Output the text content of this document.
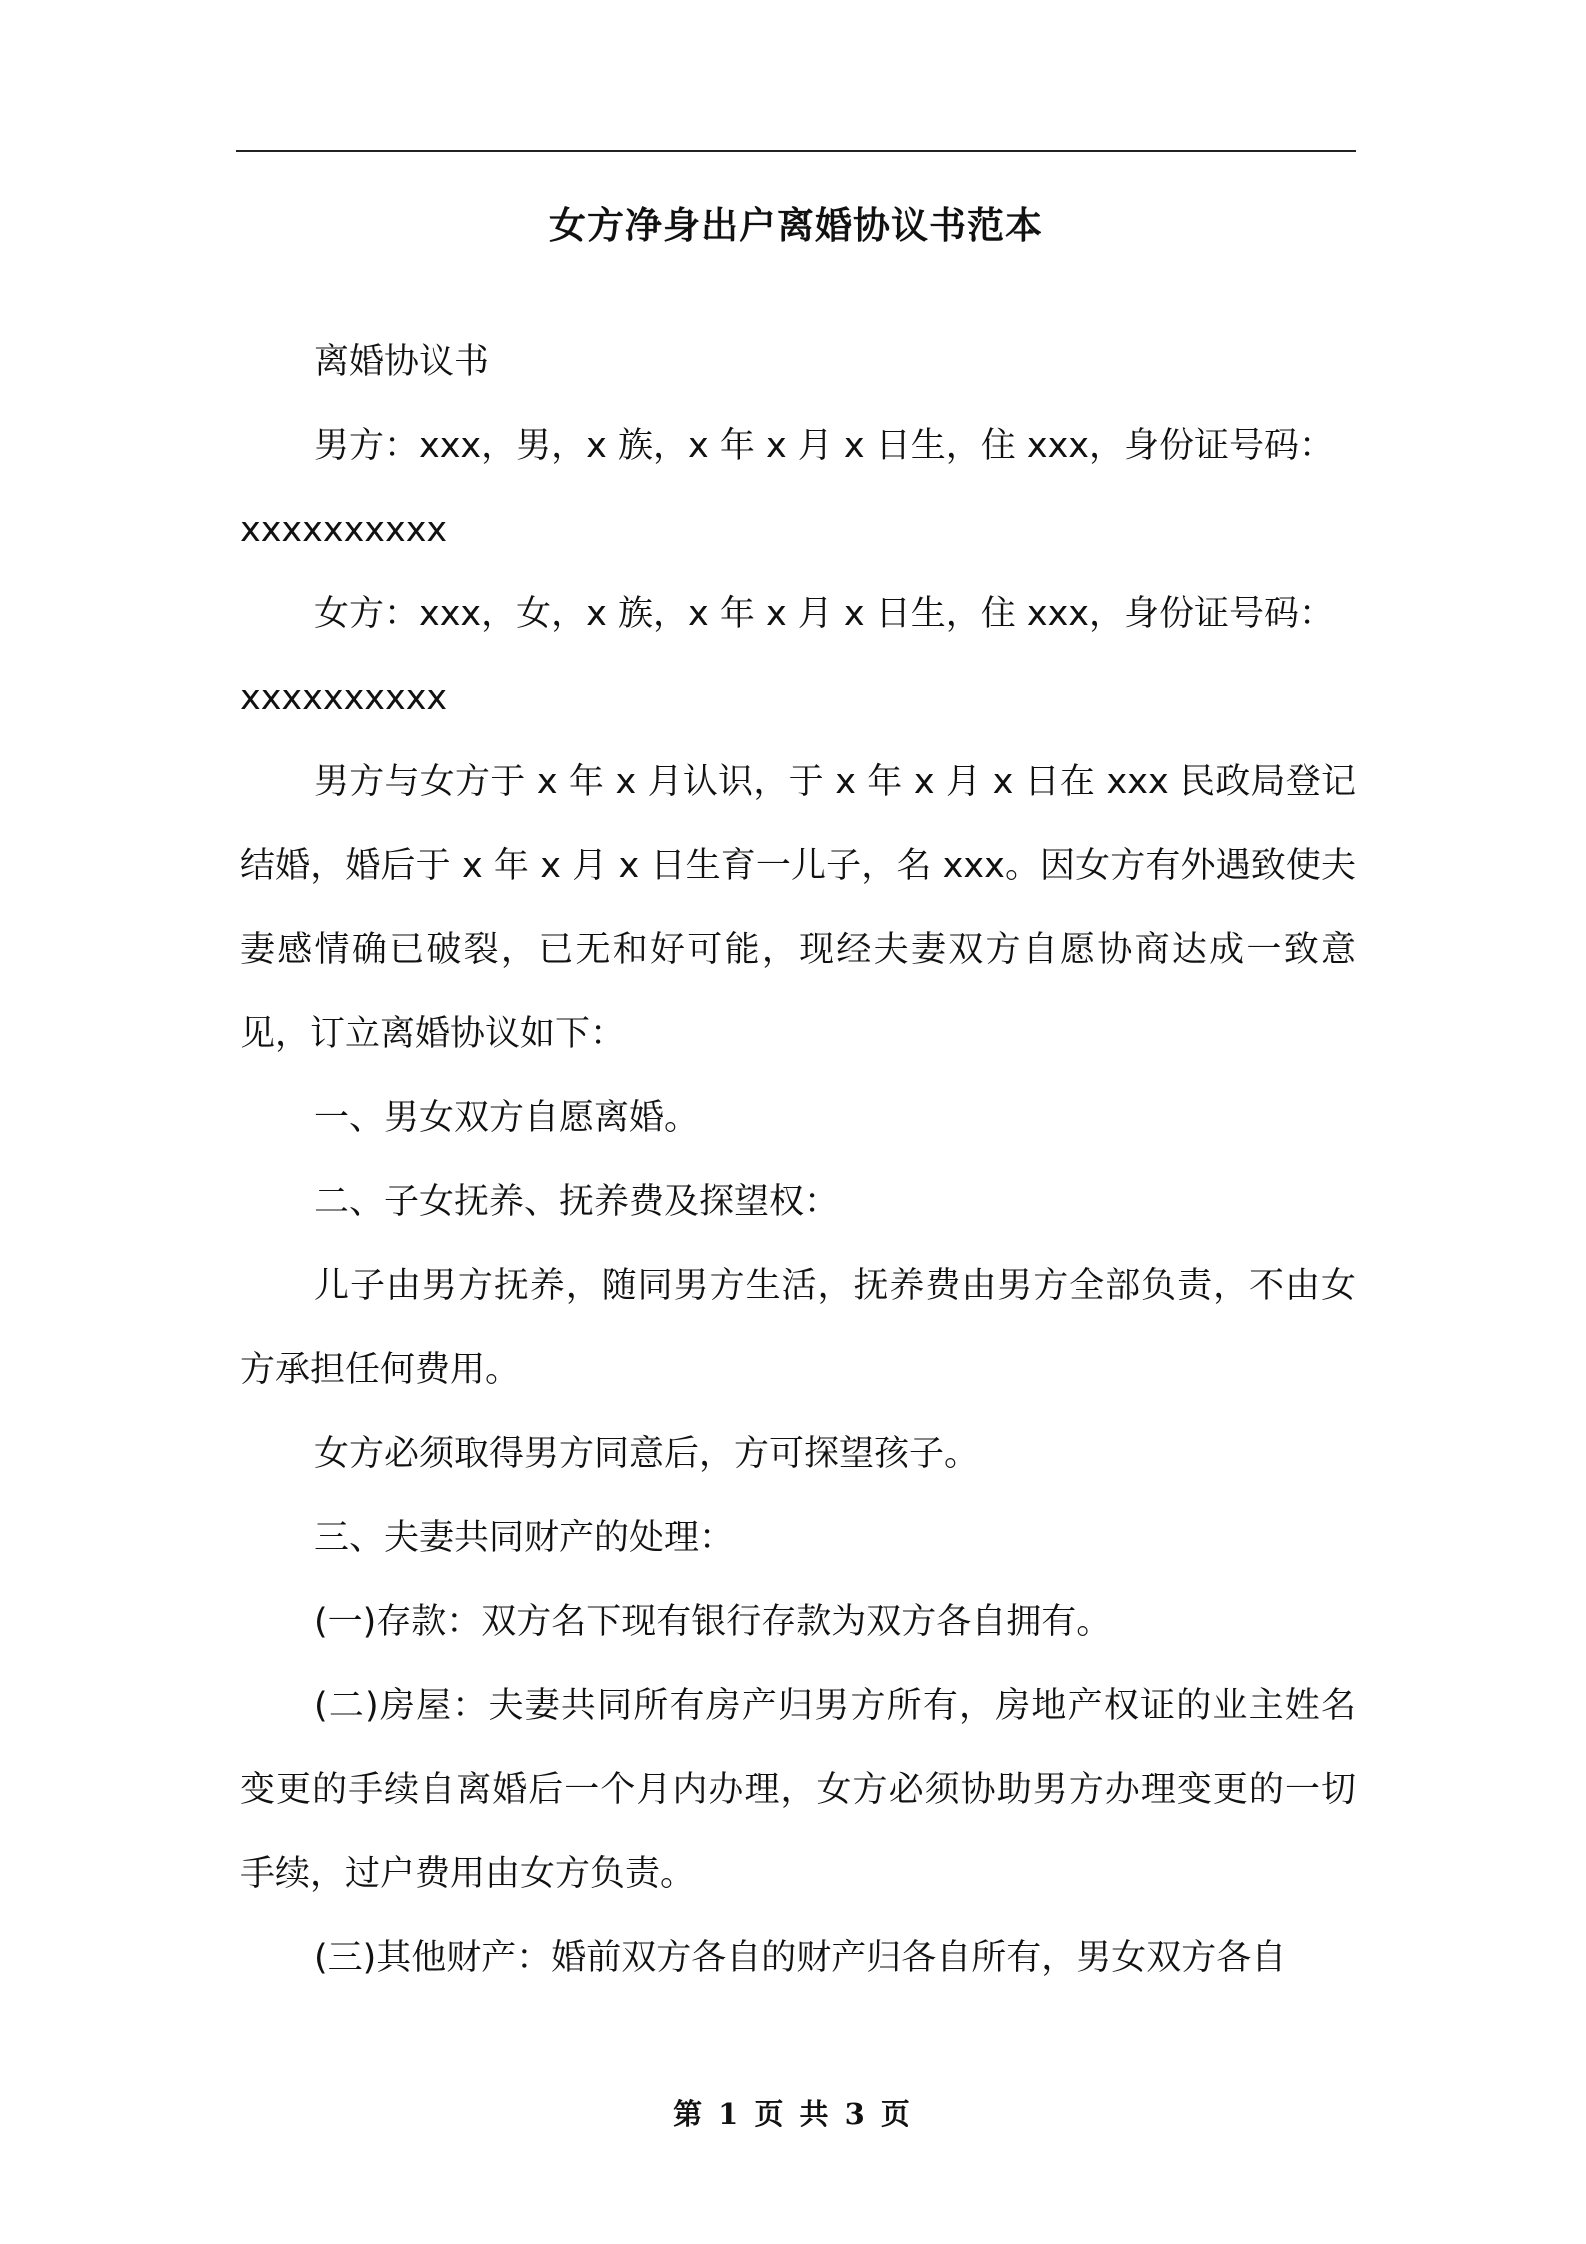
女方净身出户离婚协议书范本

离婚协议书

男方：xxx，男，x 族，x 年 x 月 x 日生，住 xxx，身份证号码：

xxxxxxxxxx

女方：xxx，女，x 族，x 年 x 月 x 日生，住 xxx，身份证号码：

xxxxxxxxxx

男方与女方于 x 年 x 月认识，于 x 年 x 月 x 日在 xxx 民政局登记结婚，婚后于 x 年 x 月 x 日生育一儿子，名 xxx。因女方有外遇致使夫妻感情确已破裂，已无和好可能，现经夫妻双方自愿协商达成一致意见，订立离婚协议如下：

一、男女双方自愿离婚。

二、子女抚养、抚养费及探望权：

儿子由男方抚养，随同男方生活，抚养费由男方全部负责，不由女方承担任何费用。

女方必须取得男方同意后，方可探望孩子。

三、夫妻共同财产的处理：

(一)存款：双方名下现有银行存款为双方各自拥有。

(二)房屋：夫妻共同所有房产归男方所有，房地产权证的业主姓名变更的手续自离婚后一个月内办理，女方必须协助男方办理变更的一切手续，过户费用由女方负责。

(三)其他财产：婚前双方各自的财产归各自所有，男女双方各自

第 1 页 共 3 页
